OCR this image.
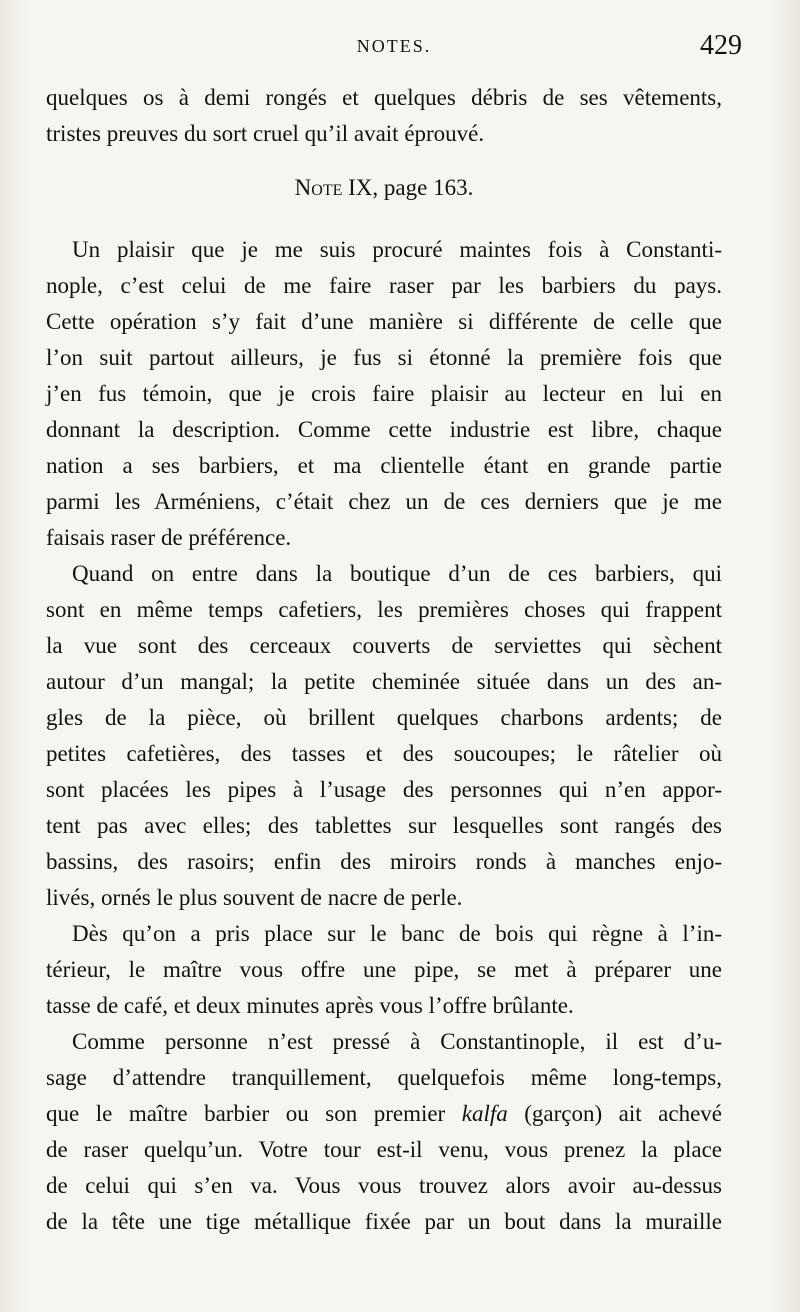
NOTES.	429
quelques os à demi rongés et quelques débris de ses vêtements,
tristes preuves du sort cruel qu’il avait éprouvé.
Note IX, page 163.
Un plaisir que je me suis procuré maintes fois à Constanti-
nople, c’est celui de me faire raser par les barbiers du pays.
Cette opération s’y fait d’une manière si différente de celle que
l’on suit partout ailleurs, je fus si étonné la première fois que
j’en fus témoin, que je crois faire plaisir au lecteur en lui en
donnant la description. Comme cette industrie est libre, chaque
nation a ses barbiers, et ma clientelle étant en grande partie
parmi les Arméniens, c’était chez un de ces derniers que je me
faisais raser de préférence.
Quand on entre dans la boutique d’un de ces barbiers, qui
sont en même temps cafetiers, les premières choses qui frappent
la vue sont des cerceaux couverts de serviettes qui sèchent
autour d’un mangal; la petite cheminée située dans un des an-
gles de la pièce, où brillent quelques charbons ardents; de
petites cafetières, des tasses et des soucoupes; le râtelier où
sont placées les pipes à l’usage des personnes qui n’en appor-
tent pas avec elles; des tablettes sur lesquelles sont rangés des
bassins, des rasoirs; enfin des miroirs ronds à manches enjo-
livés, ornés le plus souvent de nacre de perle.
Dès qu’on a pris place sur le banc de bois qui règne à l’in-
térieur, le maître vous offre une pipe, se met à préparer une
tasse de café, et deux minutes après vous l’offre brûlante.
Comme personne n’est pressé à Constantinople, il est d’u-
sage d’attendre tranquillement, quelquefois même long-temps,
que le maître barbier ou son premier kalfa (garçon) ait achevé
de raser quelqu’un. Votre tour est-il venu, vous prenez la place
de celui qui s’en va. Vous vous trouvez alors avoir au-dessus
de la tête une tige métallique fixée par un bout dans la muraille
